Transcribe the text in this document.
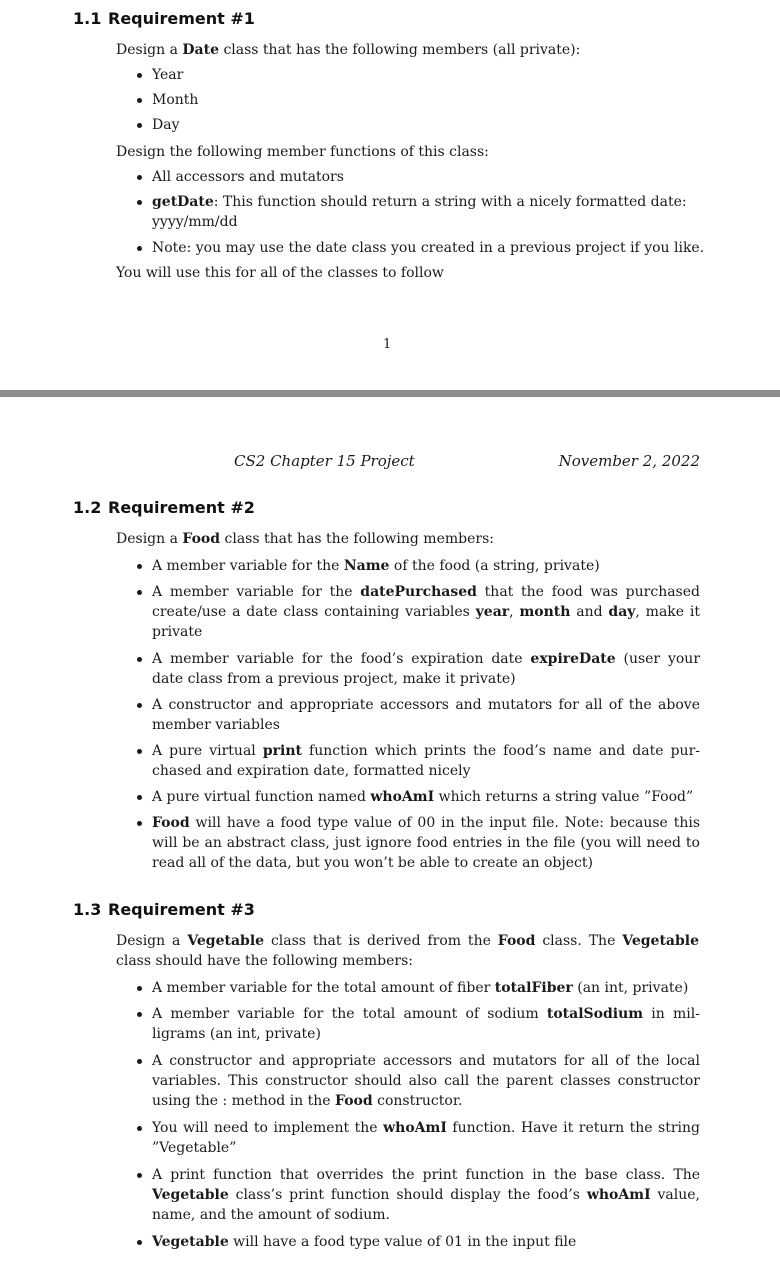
1.1 Requirement #1
Design a Date class that has the following members (all private):
Year
Month
Day
Design the following member functions of this class:
All accessors and mutators
getDate: This function should return a string with a nicely formatted date:
yyyy/mm/dd
Note: you may use the date class you created in a previous project if you like.
You will use this for all of the classes to follow
1
CS2 Chapter 15 Project	November 2, 2022
1.2 Requirement #2
Design a Food class that has the following members:
A member variable for the Name of the food (a string, private)
A member variable for the datePurchased that the food was purchased
create/use a date class containing variables year, month and day, make it
private
A member variable for the food’s expiration date expireDate (user your
date class from a previous project, make it private)
A constructor and appropriate accessors and mutators for all of the above
member variables
A pure virtual print function which prints the food’s name and date pur-
chased and expiration date, formatted nicely
A pure virtual function named whoAmI which returns a string value ”Food”
Food will have a food type value of 00 in the input file. Note: because this
will be an abstract class, just ignore food entries in the file (you will need to
read all of the data, but you won’t be able to create an object)
1.3 Requirement #3
Design a Vegetable class that is derived from the Food class. The Vegetable
class should have the following members:
A member variable for the total amount of fiber totalFiber (an int, private)
A member variable for the total amount of sodium totalSodium in mil-
ligrams (an int, private)
A constructor and appropriate accessors and mutators for all of the local
variables. This constructor should also call the parent classes constructor
using the : method in the Food constructor.
You will need to implement the whoAmI function. Have it return the string
”Vegetable”
A print function that overrides the print function in the base class. The
Vegetable class’s print function should display the food’s whoAmI value,
name, and the amount of sodium.
Vegetable will have a food type value of 01 in the input file
